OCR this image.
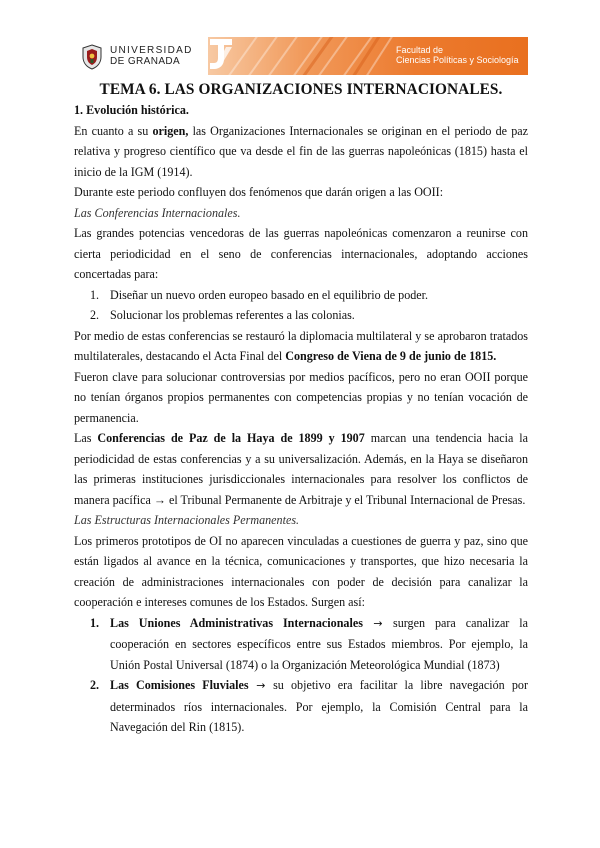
UNIVERSIDAD
DE GRANADA
Facultad de
Ciencias Políticas y Sociología
TEMA 6. LAS ORGANIZACIONES INTERNACIONALES.

1. Evolución histórica.

En cuanto a su origen, las Organizaciones Internacionales se originan en el periodo de paz relativa y progreso científico que va desde el fin de las guerras napoleónicas (1815) hasta el inicio de la IGM (1914).

Durante este periodo confluyen dos fenómenos que darán origen a las OOII:

Las Conferencias Internacionales.

Las grandes potencias vencedoras de las guerras napoleónicas comenzaron a reunirse con cierta periodicidad en el seno de conferencias internacionales, adoptando acciones concertadas para:

1. Diseñar un nuevo orden europeo basado en el equilibrio de poder.
2. Solucionar los problemas referentes a las colonias.

Por medio de estas conferencias se restauró la diplomacia multilateral y se aprobaron tratados multilaterales, destacando el Acta Final del Congreso de Viena de 9 de junio de 1815.

Fueron clave para solucionar controversias por medios pacíficos, pero no eran OOII porque no tenían órganos propios permanentes con competencias propias y no tenían vocación de permanencia.

Las Conferencias de Paz de la Haya de 1899 y 1907 marcan una tendencia hacia la periodicidad de estas conferencias y a su universalización. Además, en la Haya se diseñaron las primeras instituciones jurisdiccionales internacionales para resolver los conflictos de manera pacífica → el Tribunal Permanente de Arbitraje y el Tribunal Internacional de Presas.

Las Estructuras Internacionales Permanentes.

Los primeros prototipos de OI no aparecen vinculadas a cuestiones de guerra y paz, sino que están ligados al avance en la técnica, comunicaciones y transportes, que hizo necesaria la creación de administraciones internacionales con poder de decisión para canalizar la cooperación e intereses comunes de los Estados. Surgen así:

1. Las Uniones Administrativas Internacionales → surgen para canalizar la cooperación en sectores específicos entre sus Estados miembros. Por ejemplo, la Unión Postal Universal (1874) o la Organización Meteorológica Mundial (1873)
2. Las Comisiones Fluviales → su objetivo era facilitar la libre navegación por determinados ríos internacionales. Por ejemplo, la Comisión Central para la Navegación del Rin (1815).
